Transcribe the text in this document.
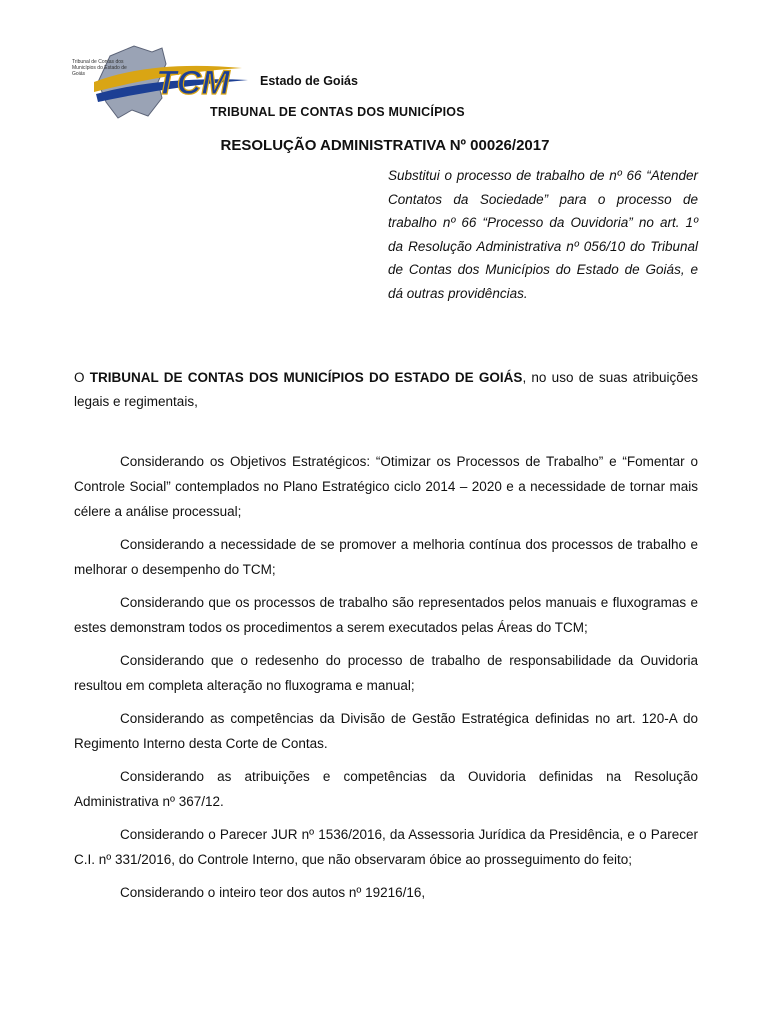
TCM
Tribunal de Contas dos Municípios do Estado de Goiás	Estado de Goiás
TRIBUNAL DE CONTAS DOS MUNICÍPIOS
RESOLUÇÃO ADMINISTRATIVA Nº 00026/2017
Substitui o processo de trabalho de nº 66 “Atender Contatos da Sociedade” para o processo de trabalho nº 66 “Processo da Ouvidoria” no art. 1º da Resolução Administrativa nº 056/10 do Tribunal de Contas dos Municípios do Estado de Goiás, e dá outras providências.
O TRIBUNAL DE CONTAS DOS MUNICÍPIOS DO ESTADO DE GOIÁS, no uso de suas atribuições legais e regimentais,

Considerando os Objetivos Estratégicos: “Otimizar os Processos de Trabalho” e “Fomentar o Controle Social” contemplados no Plano Estratégico ciclo 2014 – 2020 e a necessidade de tornar mais célere a análise processual;

Considerando a necessidade de se promover a melhoria contínua dos processos de trabalho e melhorar o desempenho do TCM;

Considerando que os processos de trabalho são representados pelos manuais e fluxogramas e estes demonstram todos os procedimentos a serem executados pelas Áreas do TCM;

Considerando que o redesenho do processo de trabalho de responsabilidade da Ouvidoria resultou em completa alteração no fluxograma e manual;

Considerando as competências da Divisão de Gestão Estratégica definidas no art. 120-A do Regimento Interno desta Corte de Contas.

Considerando as atribuições e competências da Ouvidoria definidas na Resolução Administrativa nº 367/12.

Considerando o Parecer JUR nº 1536/2016, da Assessoria Jurídica da Presidência, e o Parecer C.I. nº 331/2016, do Controle Interno, que não observaram óbice ao prosseguimento do feito;

Considerando o inteiro teor dos autos nº 19216/16,
